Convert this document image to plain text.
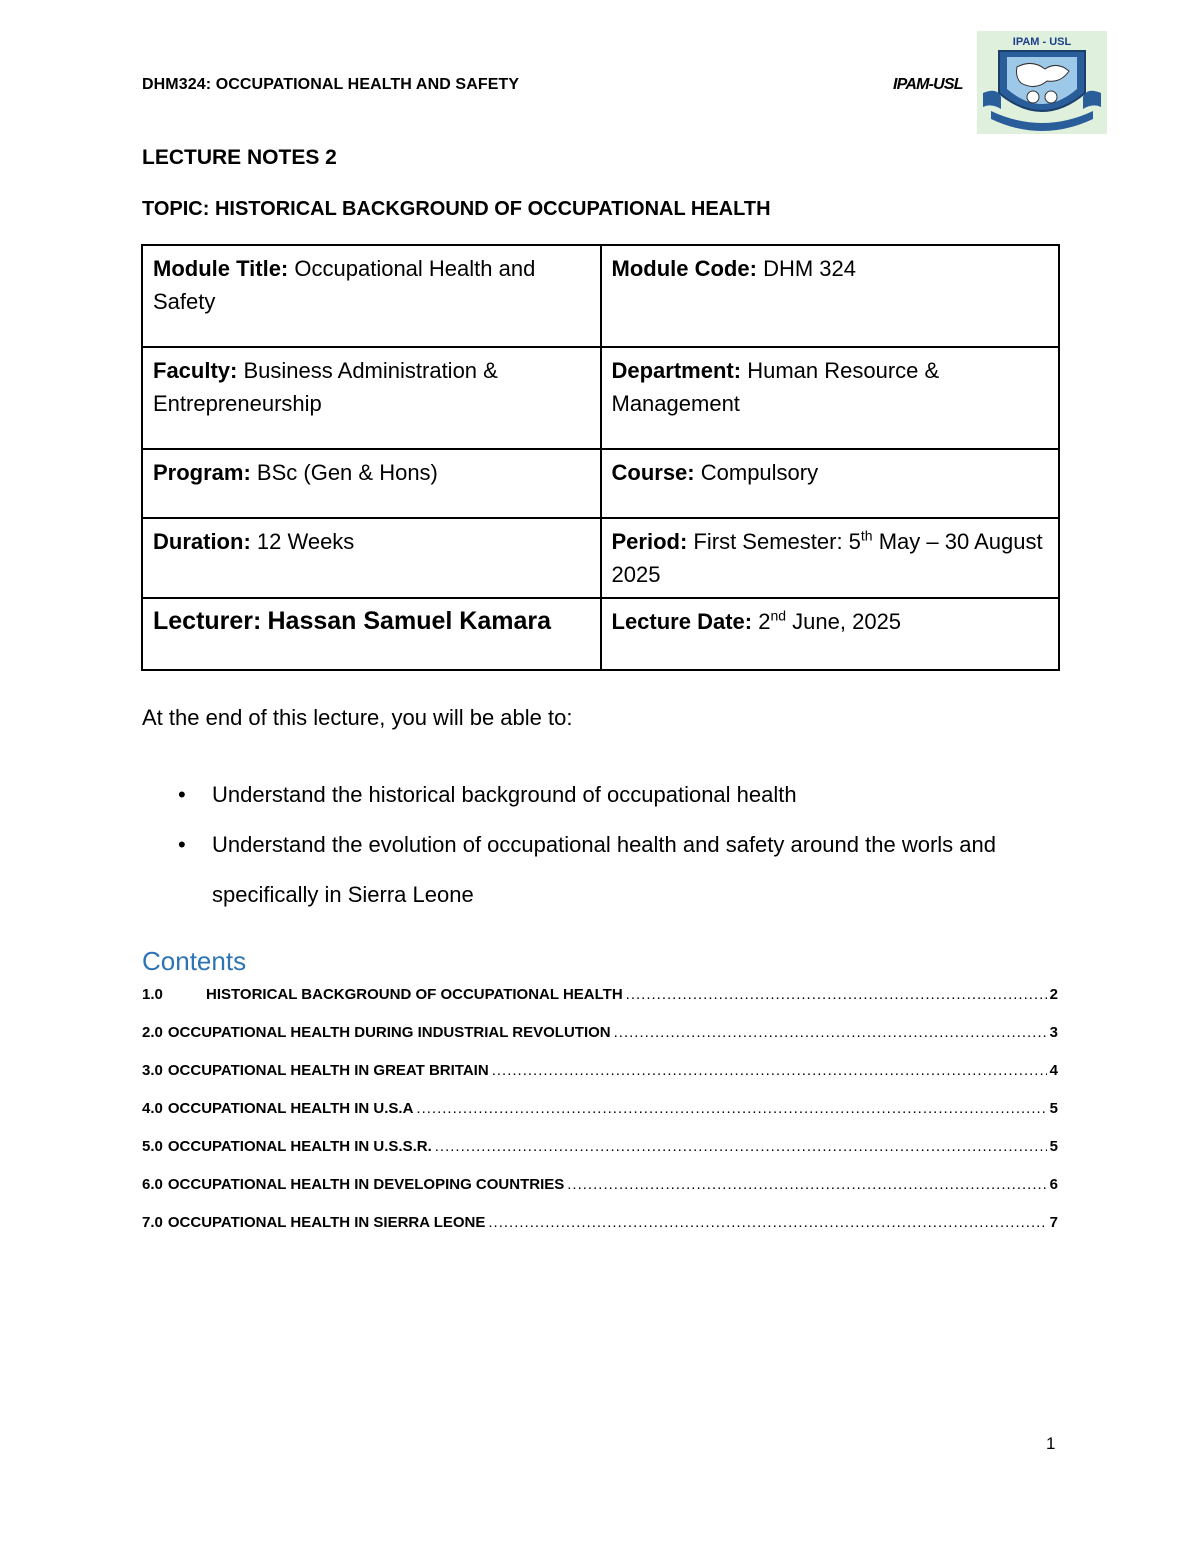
DHM324: OCCUPATIONAL HEALTH AND SAFETY	IPAM-USL
IPAM - USL
LECTURE NOTES 2
TOPIC: HISTORICAL BACKGROUND OF OCCUPATIONAL HEALTH
Module Title: Occupational Health and Safety	Module Code: DHM 324
Faculty: Business Administration & Entrepreneurship	Department: Human Resource & Management
Program: BSc (Gen & Hons)	Course: Compulsory
Duration: 12 Weeks	Period: First Semester: 5th May – 30 August 2025
Lecturer: Hassan Samuel Kamara	Lecture Date: 2nd June, 2025
At the end of this lecture, you will be able to:
• Understand the historical background of occupational health
• Understand the evolution of occupational health and safety around the worls and specifically in Sierra Leone
Contents
1.0	HISTORICAL BACKGROUND OF OCCUPATIONAL HEALTH .....	2
2.0 OCCUPATIONAL HEALTH DURING INDUSTRIAL REVOLUTION .....	3
3.0 OCCUPATIONAL HEALTH IN GREAT BRITAIN .....	4
4.0 OCCUPATIONAL HEALTH IN U.S.A .....	5
5.0 OCCUPATIONAL HEALTH IN U.S.S.R. .....	5
6.0 OCCUPATIONAL HEALTH IN DEVELOPING COUNTRIES .....	6
7.0 OCCUPATIONAL HEALTH IN SIERRA LEONE .....	7
1
